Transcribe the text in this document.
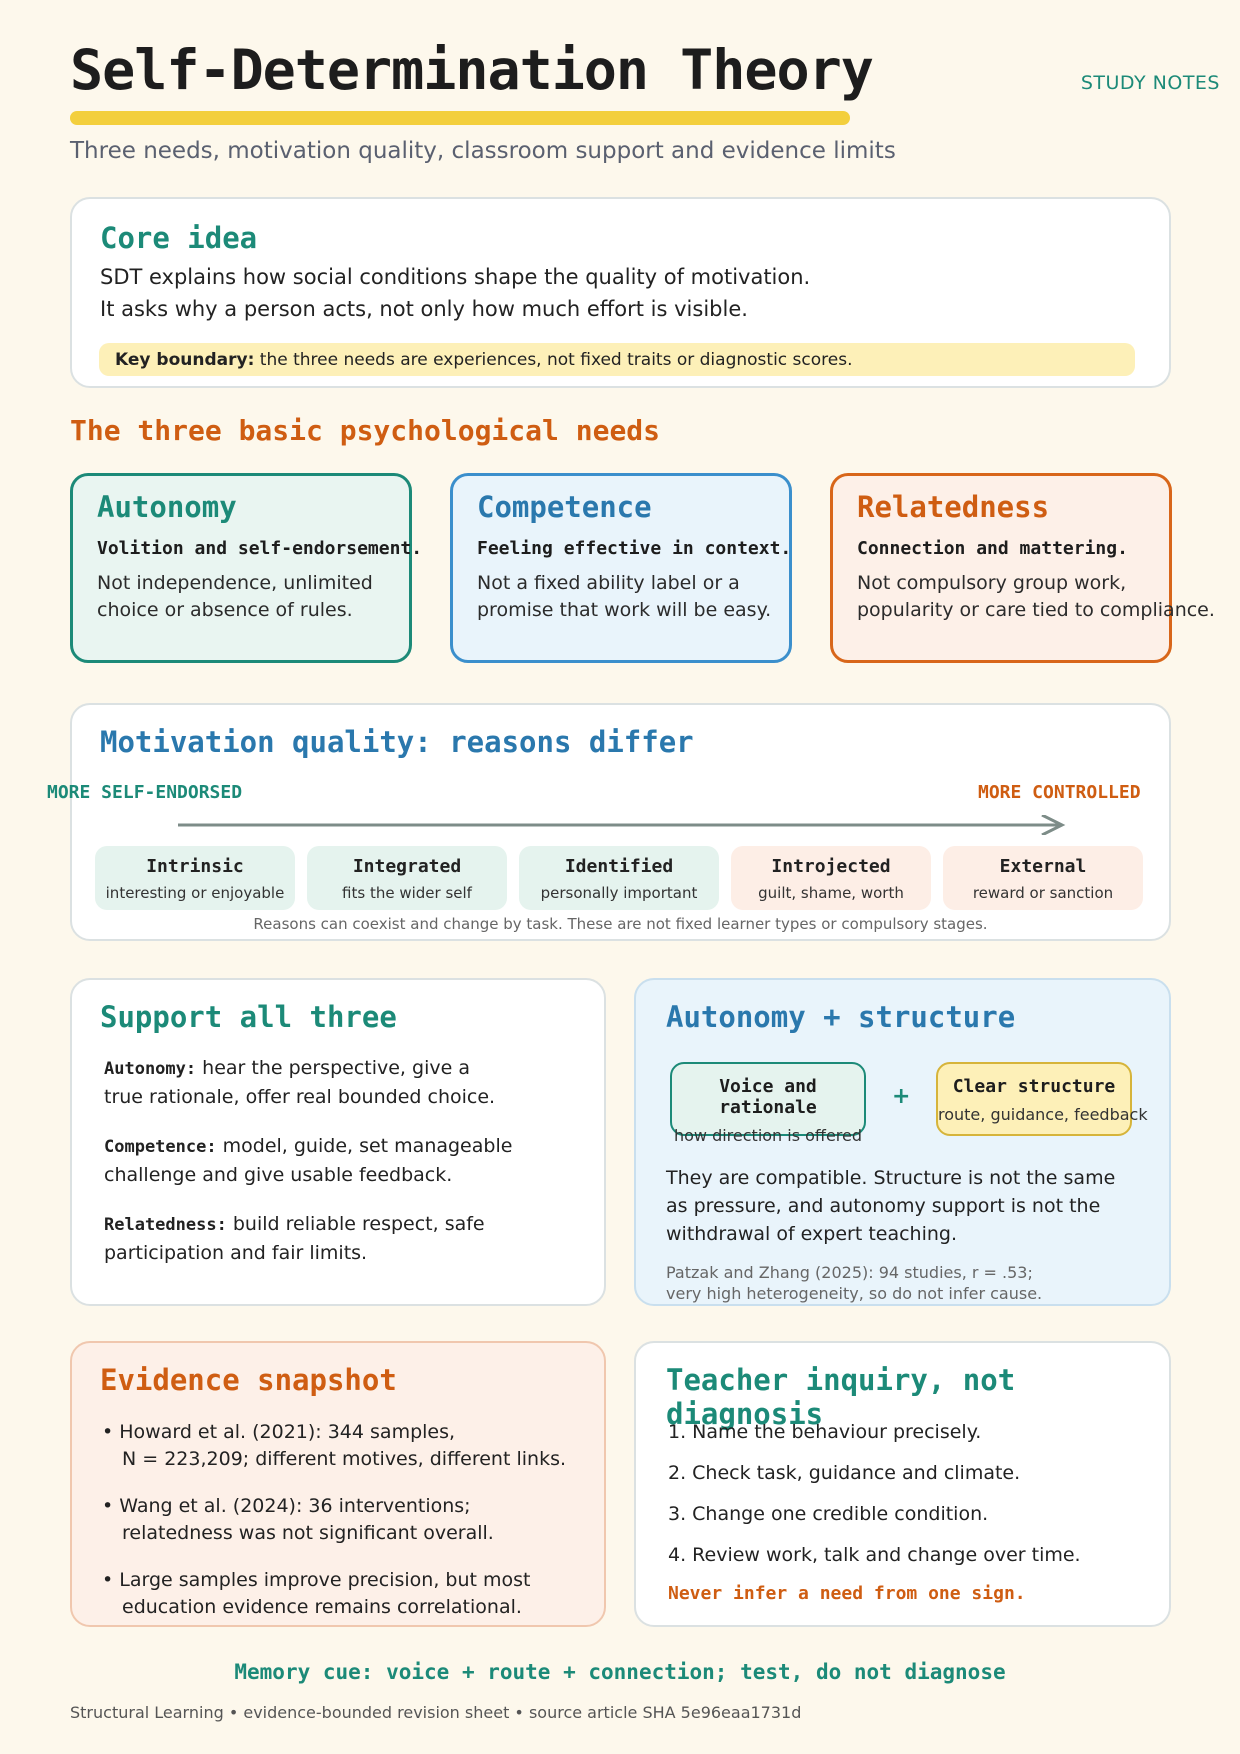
Self-Determination Theory	STUDY NOTES
Three needs, motivation quality, classroom support and evidence limits
Core idea
SDT explains how social conditions shape the quality of motivation.
It asks why a person acts, not only how much effort is visible.
Key boundary: the three needs are experiences, not fixed traits or diagnostic scores.
The three basic psychological needs
Autonomy
Volition and self-endorsement.
Not independence, unlimited
choice or absence of rules.
Competence
Feeling effective in context.
Not a fixed ability label or a
promise that work will be easy.
Relatedness
Connection and mattering.
Not compulsory group work,
popularity or care tied to compliance.
Motivation quality: reasons differ
MORE SELF-ENDORSED	MORE CONTROLLED
Intrinsic
interesting or enjoyable
Integrated
fits the wider self
Identified
personally important
Introjected
guilt, shame, worth
External
reward or sanction
Reasons can coexist and change by task. These are not fixed learner types or compulsory stages.
Support all three
Autonomy: hear the perspective, give a
true rationale, offer real bounded choice.
Competence: model, guide, set manageable
challenge and give usable feedback.
Relatedness: build reliable respect, safe
participation and fair limits.
Autonomy + structure
Voice and rationale
how direction is offered
+	Clear structure
route, guidance, feedback
They are compatible. Structure is not the same
as pressure, and autonomy support is not the
withdrawal of expert teaching.
Patzak and Zhang (2025): 94 studies, r = .53;
very high heterogeneity, so do not infer cause.
Evidence snapshot
• Howard et al. (2021): 344 samples,
N = 223,209; different motives, different links.
• Wang et al. (2024): 36 interventions;
relatedness was not significant overall.
• Large samples improve precision, but most
education evidence remains correlational.
Teacher inquiry, not diagnosis
1. Name the behaviour precisely.
2. Check task, guidance and climate.
3. Change one credible condition.
4. Review work, talk and change over time.
Never infer a need from one sign.
Memory cue: voice + route + connection; test, do not diagnose
Structural Learning • evidence-bounded revision sheet • source article SHA 5e96eaa1731d
